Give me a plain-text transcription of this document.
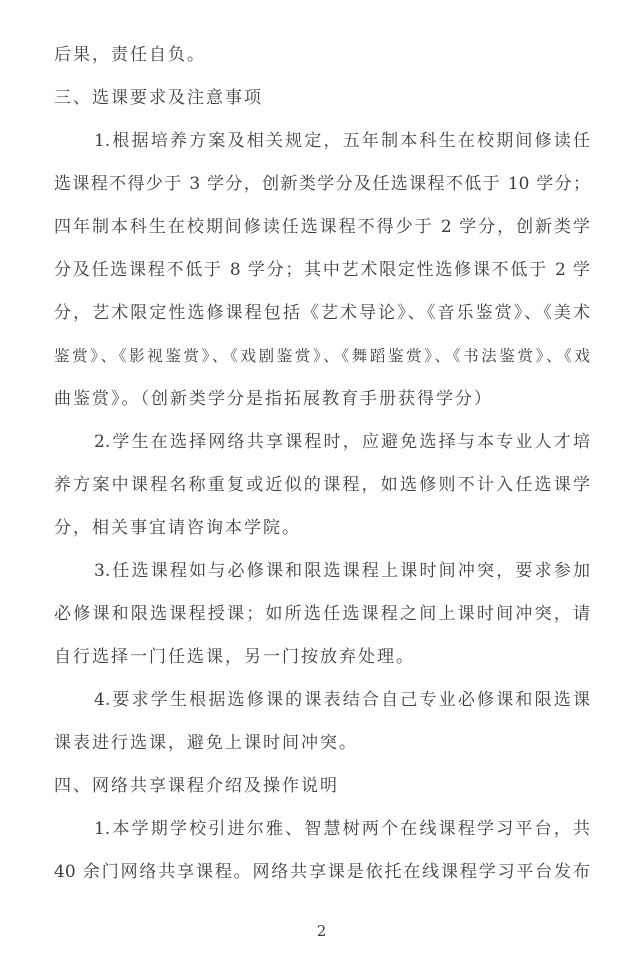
后果，责任自负。
三、选课要求及注意事项
1.根据培养方案及相关规定，五年制本科生在校期间修读任
选课程不得少于 3 学分，创新类学分及任选课程不低于 10 学分；
四年制本科生在校期间修读任选课程不得少于 2 学分，创新类学
分及任选课程不低于 8 学分；其中艺术限定性选修课不低于 2 学
分，艺术限定性选修课程包括《艺术导论》、《音乐鉴赏》、《美术
鉴赏》、《影视鉴赏》、《戏剧鉴赏》、《舞蹈鉴赏》、《书法鉴赏》、《戏
曲鉴赏》。（创新类学分是指拓展教育手册获得学分）
2.学生在选择网络共享课程时，应避免选择与本专业人才培
养方案中课程名称重复或近似的课程，如选修则不计入任选课学
分，相关事宜请咨询本学院。
3.任选课程如与必修课和限选课程上课时间冲突，要求参加
必修课和限选课程授课；如所选任选课程之间上课时间冲突，请
自行选择一门任选课，另一门按放弃处理。
4.要求学生根据选修课的课表结合自己专业必修课和限选课
课表进行选课，避免上课时间冲突。
四、网络共享课程介绍及操作说明
1.本学期学校引进尔雅、智慧树两个在线课程学习平台，共
40 余门网络共享课程。网络共享课是依托在线课程学习平台发布
2
